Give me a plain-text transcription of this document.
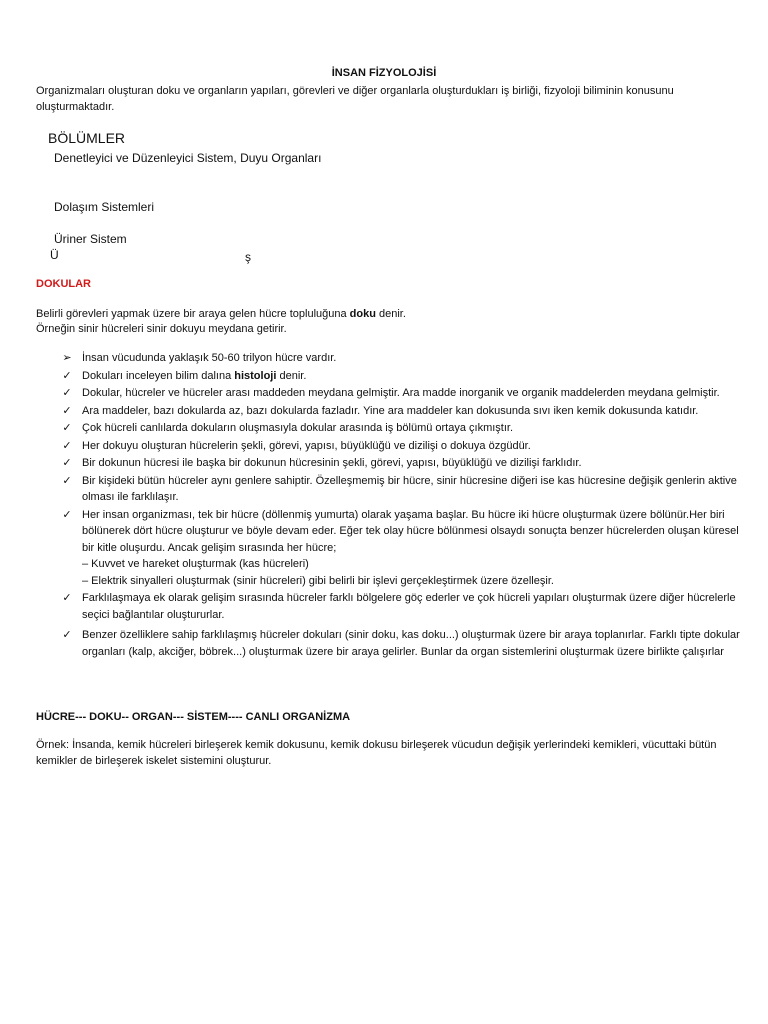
İNSAN FİZYOLOJİSİ
Organizmaları oluşturan doku ve organların yapıları, görevleri ve diğer organlarla oluşturdukları iş birliği, fizyoloji biliminin konusunu oluşturmaktadır.
BÖLÜMLER
Denetleyici ve Düzenleyici Sistem, Duyu Organları
Dolaşım Sistemleri
Üriner Sistem
Ü	ş
DOKULAR
Belirli görevleri yapmak üzere bir araya gelen hücre topluluğuna doku denir.
Örneğin sinir hücreleri sinir dokuyu meydana getirir.
➢ İnsan vücudunda yaklaşık 50-60 trilyon hücre vardır.
✓ Dokuları inceleyen bilim dalına histoloji denir.
✓ Dokular, hücreler ve hücreler arası maddeden meydana gelmiştir. Ara madde inorganik ve organik maddelerden meydana gelmiştir.
✓ Ara maddeler, bazı dokularda az, bazı dokularda fazladır. Yine ara maddeler kan dokusunda sıvı iken kemik dokusunda katıdır.
✓ Çok hücreli canlılarda dokuların oluşmasıyla dokular arasında iş bölümü ortaya çıkmıştır.
✓ Her dokuyu oluşturan hücrelerin şekli, görevi, yapısı, büyüklüğü ve dizilişi o dokuya özgüdür.
✓ Bir dokunun hücresi ile başka bir dokunun hücresinin şekli, görevi, yapısı, büyüklüğü ve dizilişi farklıdır.
✓ Bir kişideki bütün hücreler aynı genlere sahiptir. Özelleşmemiş bir hücre, sinir hücresine diğeri ise kas hücresine değişik genlerin aktive olması ile farklılaşır.
✓ Her insan organizması, tek bir hücre (döllenmiş yumurta) olarak yaşama başlar. Bu hücre iki hücre oluşturmak üzere bölünür.Her biri bölünerek dört hücre oluşturur ve böyle devam eder. Eğer tek olay hücre bölünmesi olsaydı sonuçta benzer hücrelerden oluşan küresel bir kitle oluşurdu. Ancak gelişim sırasında her hücre;
– Kuvvet ve hareket oluşturmak (kas hücreleri)
– Elektrik sinyalleri oluşturmak (sinir hücreleri) gibi belirli bir işlevi gerçekleştirmek üzere özelleşir.
✓ Farklılaşmaya ek olarak gelişim sırasında hücreler farklı bölgelere göç ederler ve çok hücreli yapıları oluşturmak üzere diğer hücrelerle seçici bağlantılar oluştururlar.
✓ Benzer özelliklere sahip farklılaşmış hücreler dokuları (sinir doku, kas doku...) oluşturmak üzere bir araya toplanırlar. Farklı tipte dokular organları (kalp, akciğer, böbrek...) oluşturmak üzere bir araya gelirler. Bunlar da organ sistemlerini oluşturmak üzere birlikte çalışırlar
HÜCRE--- DOKU-- ORGAN--- SİSTEM---- CANLI ORGANİZMA
Örnek: İnsanda, kemik hücreleri birleşerek kemik dokusunu, kemik dokusu birleşerek vücudun değişik yerlerindeki kemikleri, vücuttaki bütün kemikler de birleşerek iskelet sistemini oluşturur.
